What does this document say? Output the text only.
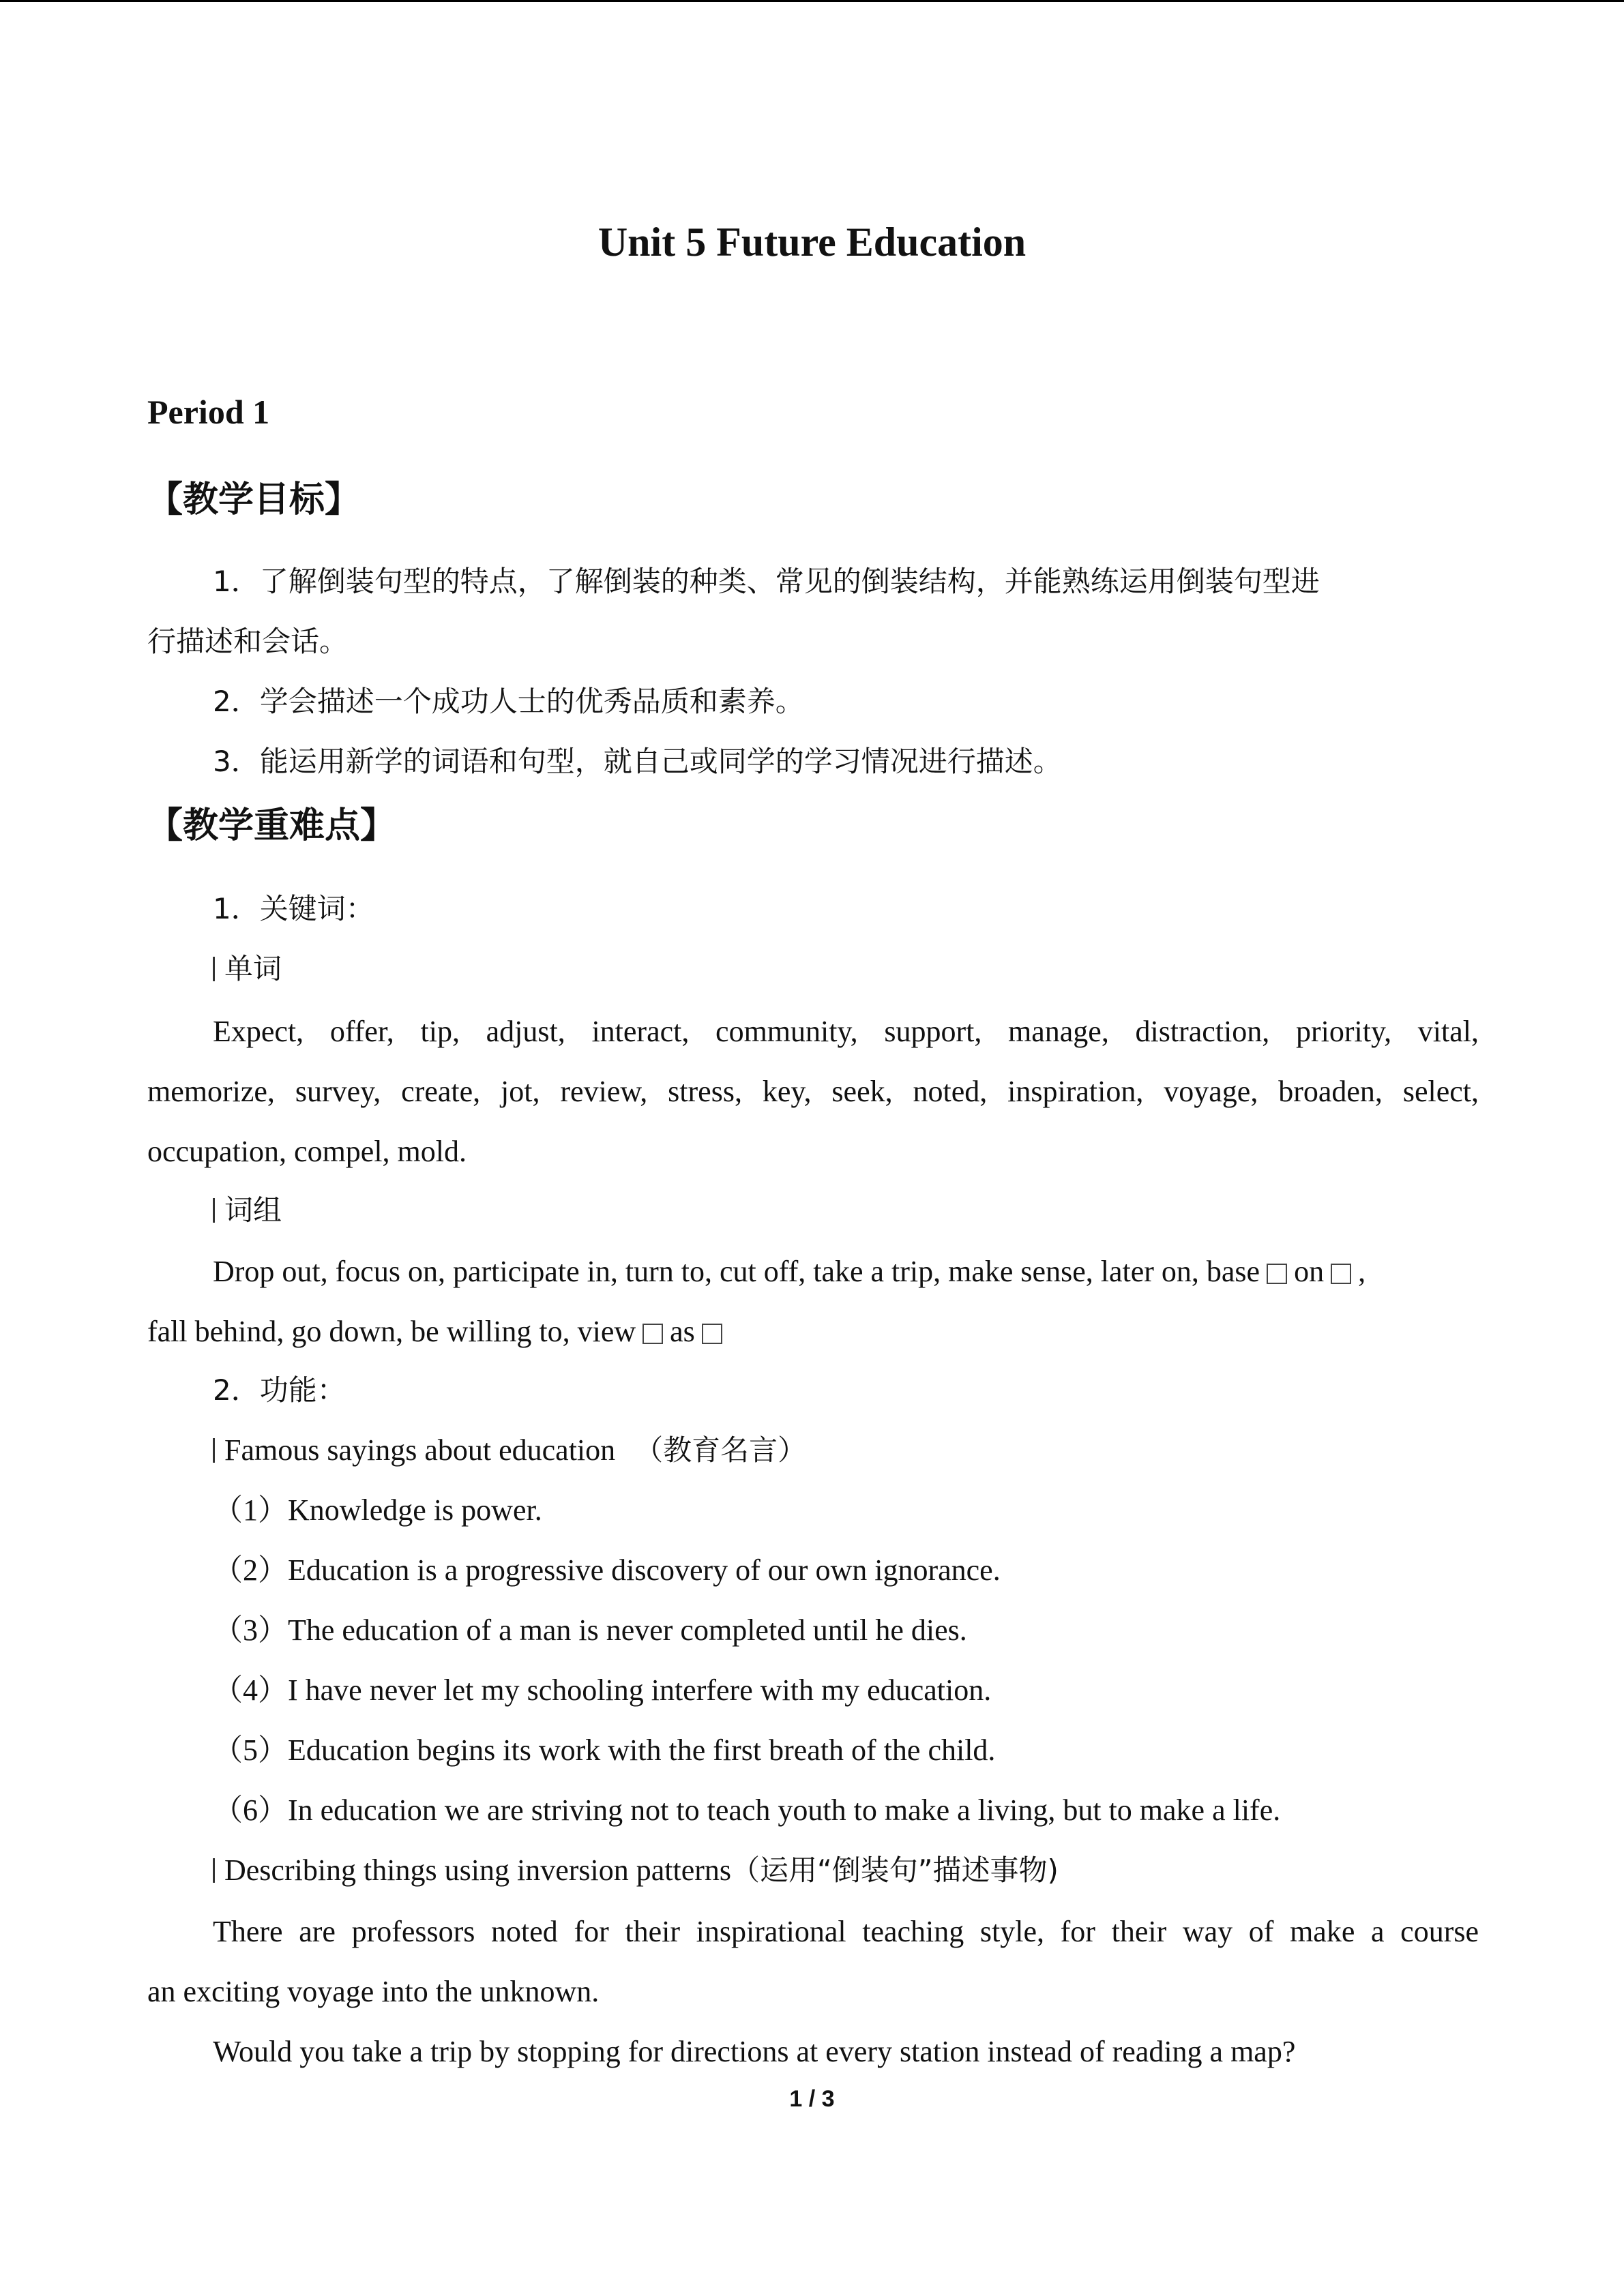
Unit 5 Future Education
Period 1
【教学目标】
1．了解倒装句型的特点，了解倒装的种类、常见的倒装结构，并能熟练运用倒装句型进
行描述和会话。
2．学会描述一个成功人士的优秀品质和素养。
3．能运用新学的词语和句型，就自己或同学的学习情况进行描述。
【教学重难点】
1．关键词：
单词
Expect, offer, tip, adjust, interact, community, support, manage, distraction, priority, vital,
memorize, survey, create, jot, review, stress, key, seek, noted, inspiration, voyage, broaden, select,
occupation, compel, mold.
词组
Drop out, focus on, participate in, turn to, cut off, take a trip, make sense, later on, base on ,
fall behind, go down, be willing to, view as
2．功能：
Famous sayings about education （教育名言）
（1）Knowledge is power.
（2）Education is a progressive discovery of our own ignorance.
（3）The education of a man is never completed until he dies.
（4）I have never let my schooling interfere with my education.
（5）Education begins its work with the first breath of the child.
（6）In education we are striving not to teach youth to make a living, but to make a life.
Describing things using inversion patterns（运用“倒装句”描述事物)
There are professors noted for their inspirational teaching style, for their way of make a course
an exciting voyage into the unknown.
Would you take a trip by stopping for directions at every station instead of reading a map?
1 / 3
